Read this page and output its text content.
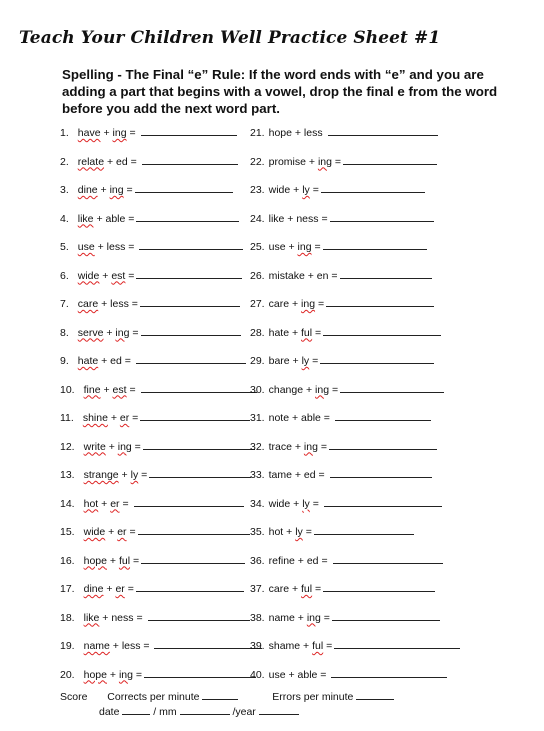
Teach Your Children Well Practice Sheet #1
Spelling - The Final “e” Rule: If the word ends with “e” and you are adding a part that begins with a vowel, drop the final e from the word before you add the next word part.
1. have + ing =	21. hope + less
2. relate + ed =	22. promise + ing =
3. dine + ing =	23. wide + ly =
4. like + able =	24. like + ness =
5. use + less =	25. use + ing =
6. wide + est =	26. mistake + en =
7. care + less =	27. care + ing =
8. serve + ing =	28. hate + ful =
9. hate + ed =	29. bare + ly =
10. fine + est =	30. change + ing =
11. shine + er =	31. note + able =
12. write + ing =	32. trace + ing =
13. strange + ly =	33. tame + ed =
14. hot + er =	34. wide + ly =
15. wide + er =	35. hot + ly =
16. hope + ful =	36. refine + ed =
17. dine + er =	37. care + ful =
18. like + ness =	38. name + ing =
19. name + less =	39. shame + ful =
20. hope + ing =	40. use + able =
Score Corrects per minute	Errors per minute
date	/ mm	/year
